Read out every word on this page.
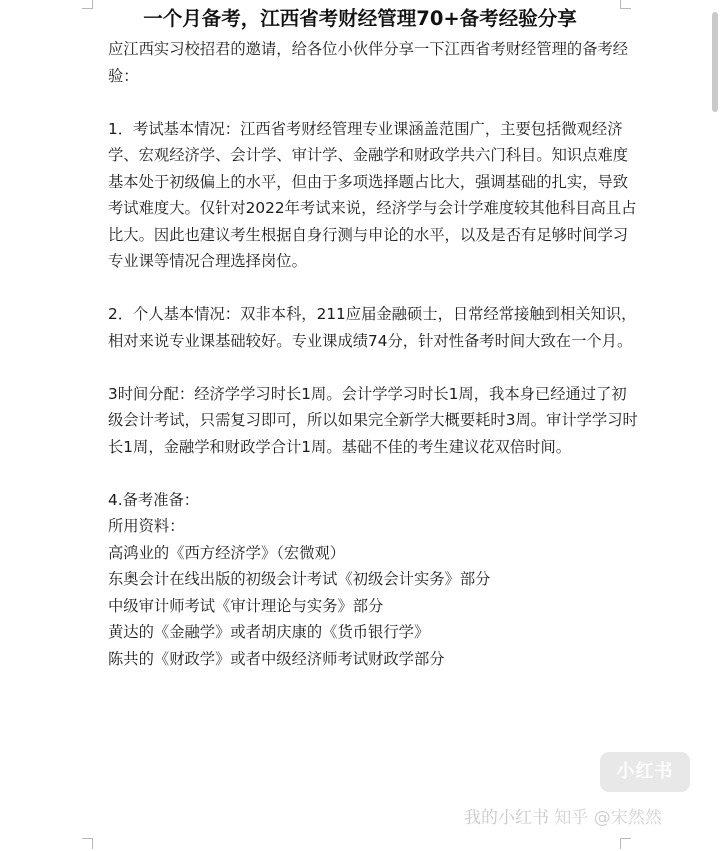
一个月备考，江西省考财经管理70+备考经验分享

应江西实习校招君的邀请，给各位小伙伴分享一下江西省考财经管理的备考经

验：

1．考试基本情况：江西省考财经管理专业课涵盖范围广，主要包括微观经济

学、宏观经济学、会计学、审计学、金融学和财政学共六门科目。知识点难度

基本处于初级偏上的水平，但由于多项选择题占比大，强调基础的扎实，导致

考试难度大。仅针对2022年考试来说，经济学与会计学难度较其他科目高且占

比大。因此也建议考生根据自身行测与申论的水平，以及是否有足够时间学习

专业课等情况合理选择岗位。

2．个人基本情况：双非本科，211应届金融硕士，日常经常接触到相关知识，

相对来说专业课基础较好。专业课成绩74分，针对性备考时间大致在一个月。

3时间分配：经济学学习时长1周。会计学学习时长1周，我本身已经通过了初

级会计考试，只需复习即可，所以如果完全新学大概要耗时3周。审计学学习时

长1周，金融学和财政学合计1周。基础不佳的考生建议花双倍时间。

4.备考准备：

所用资料：

高鸿业的《西方经济学》（宏微观）

东奥会计在线出版的初级会计考试《初级会计实务》部分

中级审计师考试《审计理论与实务》部分

黄达的《金融学》或者胡庆康的《货币银行学》

陈共的《财政学》或者中级经济师考试财政学部分

小红书
我的小红书 知乎 @宋然然
